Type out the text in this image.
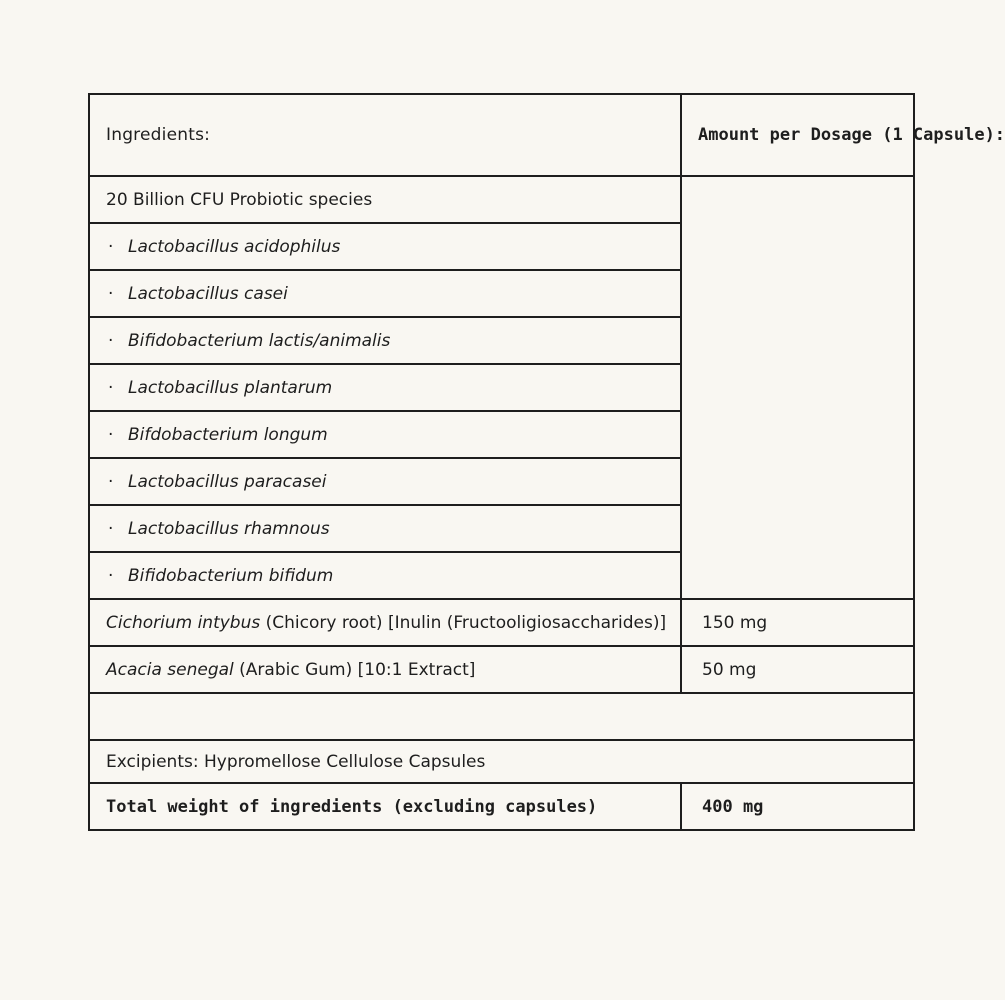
Ingredients:	Amount per Dosage (1 Capsule):
20 Billion CFU Probiotic species	
· Lactobacillus acidophilus	
· Lactobacillus casei	
· Bifidobacterium lactis/animalis	
· Lactobacillus plantarum	
· Bifdobacterium longum	
· Lactobacillus paracasei	
· Lactobacillus rhamnous	
· Bifidobacterium bifidum	
Cichorium intybus (Chicory root) [Inulin (Fructooligiosaccharides)]	150 mg
Acacia senegal (Arabic Gum) [10:1 Extract]	50 mg

Excipients: Hypromellose Cellulose Capsules	
Total weight of ingredients (excluding capsules)	400 mg
